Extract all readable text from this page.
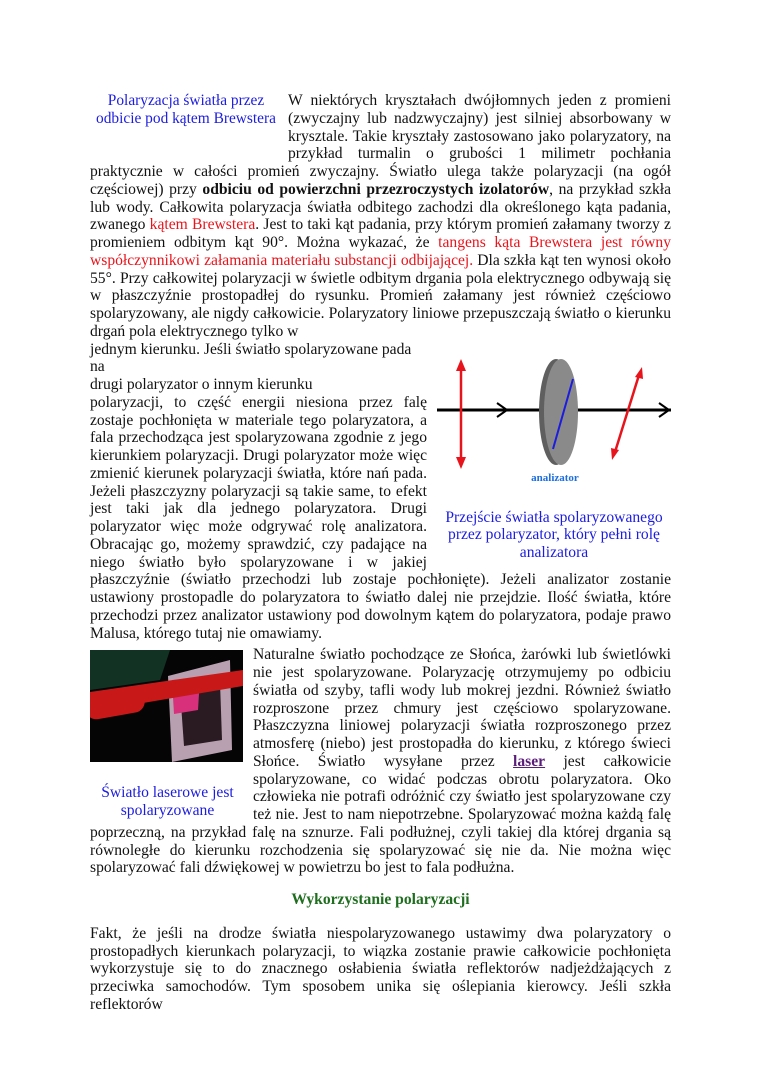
Polaryzacja światła przez odbicie pod kątem Brewstera

W niektórych kryształach dwójłomnych jeden z promieni (zwyczajny lub nadzwyczajny) jest silniej absorbowany w krysztale. Takie kryształy zastosowano jako polaryzatory, na przykład turmalin o grubości 1 milimetr pochłania praktycznie w całości promień zwyczajny. Światło ulega także polaryzacji (na ogół częściowej) przy odbiciu od powierzchni przezroczystych izolatorów, na przykład szkła lub wody. Całkowita polaryzacja światła odbitego zachodzi dla określonego kąta padania, zwanego kątem Brewstera. Jest to taki kąt padania, przy którym promień załamany tworzy z promieniem odbitym kąt 90°. Można wykazać, że tangens kąta Brewstera jest równy współczynnikowi załamania materiału substancji odbijającej. Dla szkła kąt ten wynosi około 55°. Przy całkowitej polaryzacji w świetle odbitym drgania pola elektrycznego odbywają się w płaszczyźnie prostopadłej do rysunku. Promień załamany jest również częściowo spolaryzowany, ale nigdy całkowicie. Polaryzatory liniowe przepuszczają światło o kierunku drgań pola elektrycznego tylko w

analizator
Przejście światła spolaryzowanego przez polaryzator, który pełni rolę analizatora

jednym kierunku. Jeśli światło spolaryzowane pada na

drugi polaryzator o innym kierunku

polaryzacji, to część energii niesiona przez falę zostaje pochłonięta w materiale tego polaryzatora, a fala przechodząca jest spolaryzowana zgodnie z jego kierunkiem polaryzacji. Drugi polaryzator może więc zmienić kierunek polaryzacji światła, które nań pada. Jeżeli płaszczyzny polaryzacji są takie same, to efekt jest taki jak dla jednego polaryzatora. Drugi polaryzator więc może odgrywać rolę analizatora. Obracając go, możemy sprawdzić, czy padające na niego światło było spolaryzowane i w jakiej płaszczyźnie (światło przechodzi lub zostaje pochłonięte). Jeżeli analizator zostanie ustawiony prostopadle do polaryzatora to światło dalej nie przejdzie. Ilość światła, które przechodzi przez analizator ustawiony pod dowolnym kątem do polaryzatora, podaje prawo Malusa, którego tutaj nie omawiamy.

Światło laserowe jest spolaryzowane

Naturalne światło pochodzące ze Słońca, żarówki lub świetlówki nie jest spolaryzowane. Polaryzację otrzymujemy po odbiciu światła od szyby, tafli wody lub mokrej jezdni. Również światło rozproszone przez chmury jest częściowo spolaryzowane. Płaszczyzna liniowej polaryzacji światła rozproszonego przez atmosferę (niebo) jest prostopadła do kierunku, z którego świeci Słońce. Światło wysyłane przez laser jest całkowicie spolaryzowane, co widać podczas obrotu polaryzatora. Oko człowieka nie potrafi odróżnić czy światło jest spolaryzowane czy też nie. Jest to nam niepotrzebne. Spolaryzować można każdą falę poprzeczną, na przykład falę na sznurze. Fali podłużnej, czyli takiej dla której drgania są równoległe do kierunku rozchodzenia się spolaryzować się nie da. Nie można więc spolaryzować fali dźwiękowej w powietrzu bo jest to fala podłużna.

Wykorzystanie polaryzacji

Fakt, że jeśli na drodze światła niespolaryzowanego ustawimy dwa polaryzatory o prostopadłych kierunkach polaryzacji, to wiązka zostanie prawie całkowicie pochłonięta wykorzystuje się to do znacznego osłabienia światła reflektorów nadjeżdżających z przeciwka samochodów. Tym sposobem unika się oślepiania kierowcy. Jeśli szkła reflektorów
